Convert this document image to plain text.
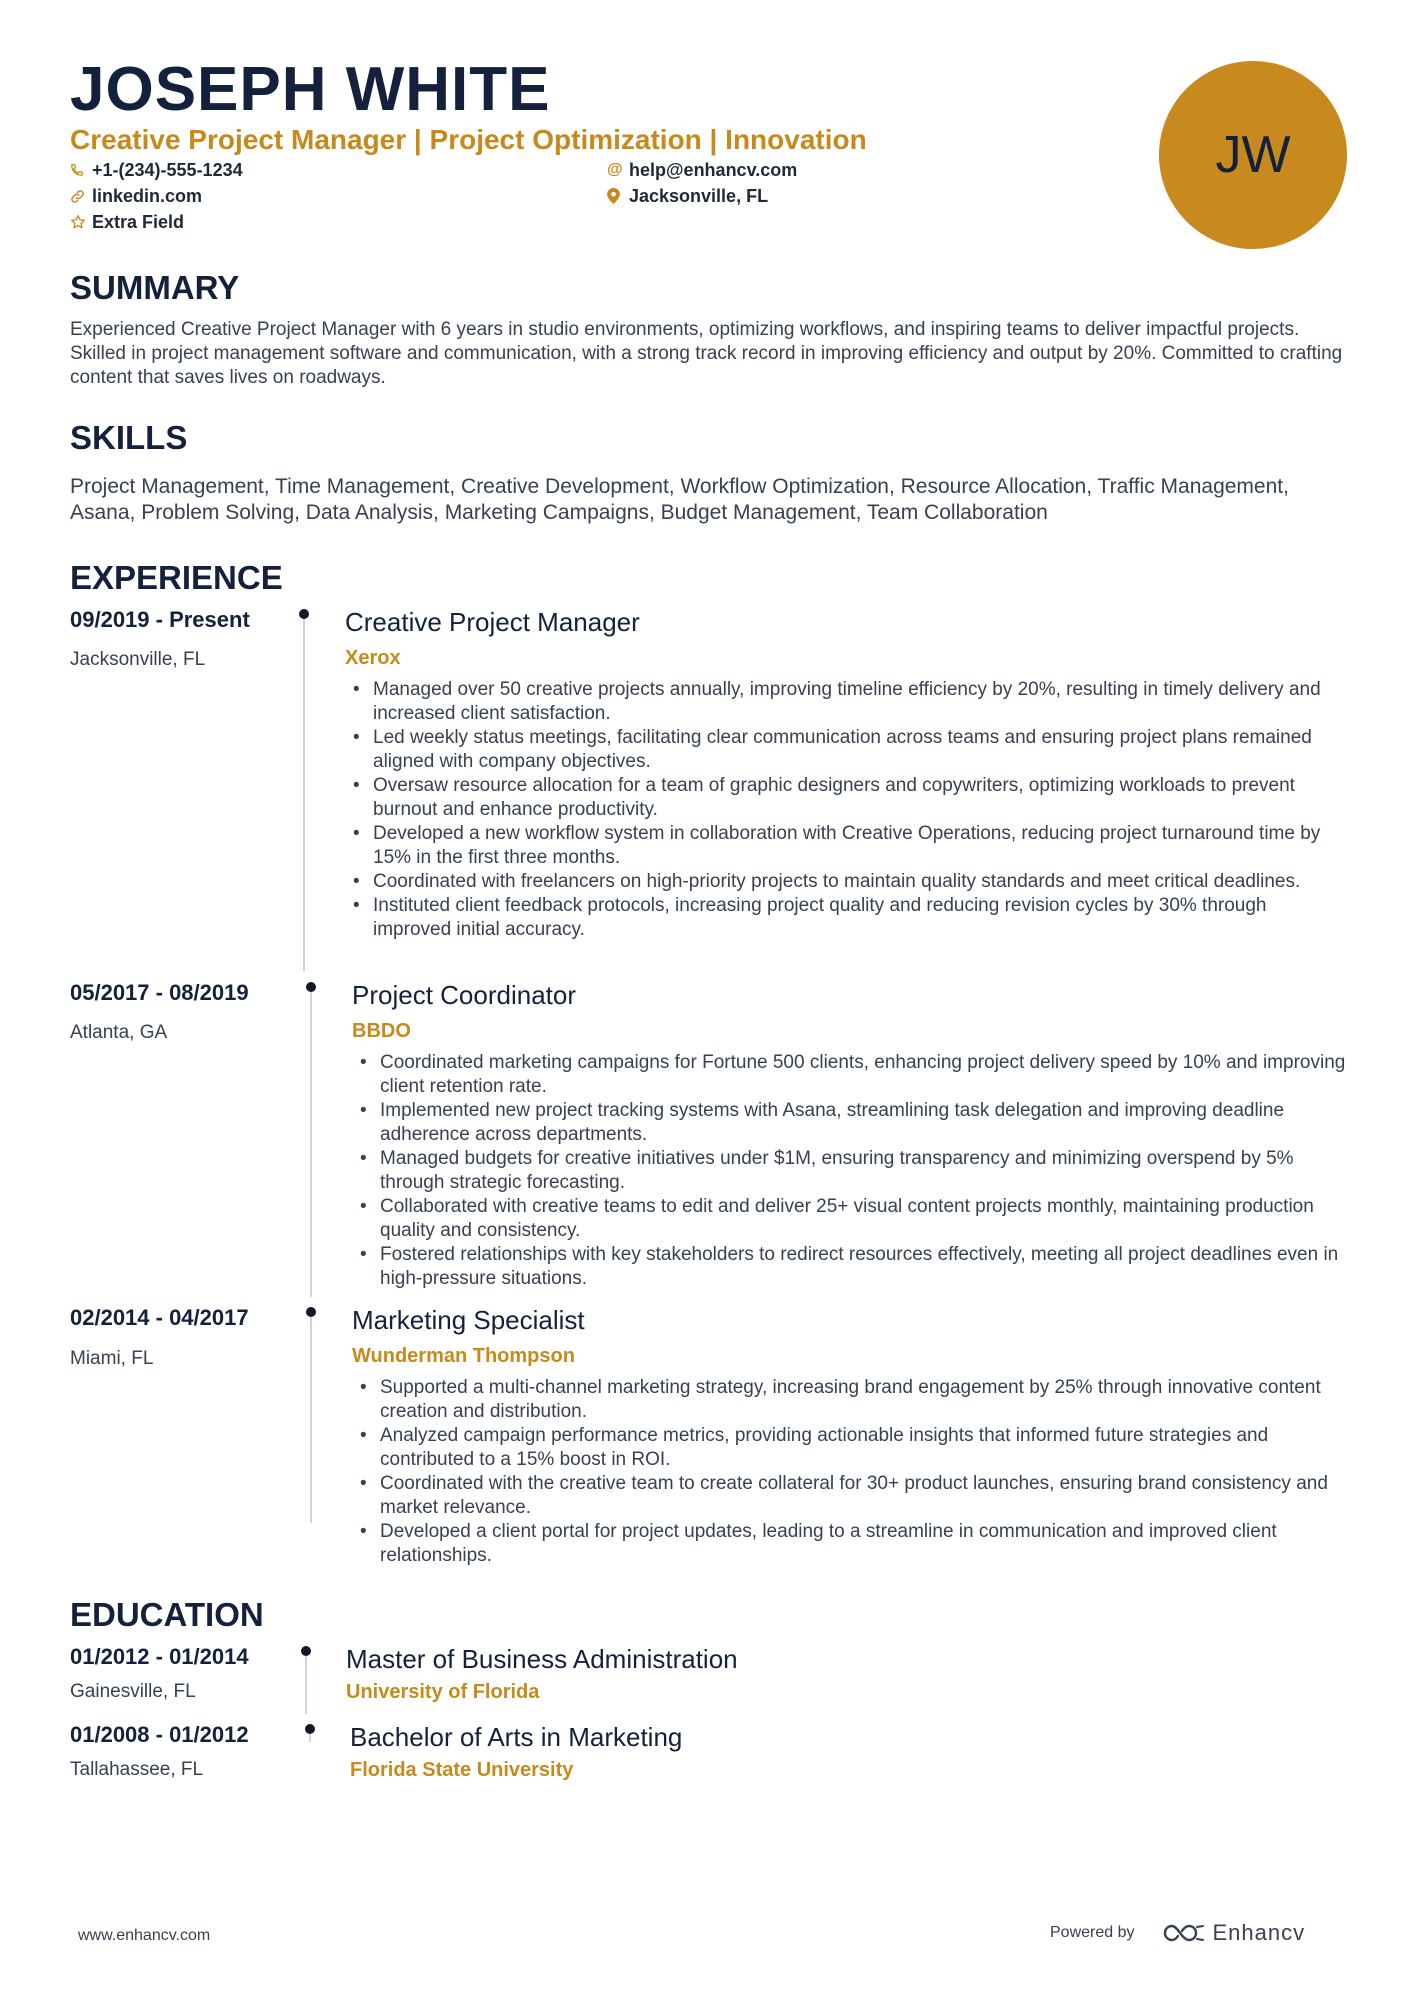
JOSEPH WHITE
Creative Project Manager | Project Optimization | Innovation
+1-(234)-555-1234	@ help@enhancv.com
linkedin.com	Jacksonville, FL
Extra Field
JW
SUMMARY
Experienced Creative Project Manager with 6 years in studio environments, optimizing workflows, and inspiring teams to deliver impactful projects. Skilled in project management software and communication, with a strong track record in improving efficiency and output by 20%. Committed to crafting content that saves lives on roadways.
SKILLS
Project Management, Time Management, Creative Development, Workflow Optimization, Resource Allocation, Traffic Management, Asana, Problem Solving, Data Analysis, Marketing Campaigns, Budget Management, Team Collaboration
EXPERIENCE
09/2019 - Present
Jacksonville, FL
Creative Project Manager
Xerox
• Managed over 50 creative projects annually, improving timeline efficiency by 20%, resulting in timely delivery and increased client satisfaction.
• Led weekly status meetings, facilitating clear communication across teams and ensuring project plans remained aligned with company objectives.
• Oversaw resource allocation for a team of graphic designers and copywriters, optimizing workloads to prevent burnout and enhance productivity.
• Developed a new workflow system in collaboration with Creative Operations, reducing project turnaround time by 15% in the first three months.
• Coordinated with freelancers on high-priority projects to maintain quality standards and meet critical deadlines.
• Instituted client feedback protocols, increasing project quality and reducing revision cycles by 30% through improved initial accuracy.
05/2017 - 08/2019
Atlanta, GA
Project Coordinator
BBDO
• Coordinated marketing campaigns for Fortune 500 clients, enhancing project delivery speed by 10% and improving client retention rate.
• Implemented new project tracking systems with Asana, streamlining task delegation and improving deadline adherence across departments.
• Managed budgets for creative initiatives under $1M, ensuring transparency and minimizing overspend by 5% through strategic forecasting.
• Collaborated with creative teams to edit and deliver 25+ visual content projects monthly, maintaining production quality and consistency.
• Fostered relationships with key stakeholders to redirect resources effectively, meeting all project deadlines even in high-pressure situations.
02/2014 - 04/2017
Miami, FL
Marketing Specialist
Wunderman Thompson
• Supported a multi-channel marketing strategy, increasing brand engagement by 25% through innovative content creation and distribution.
• Analyzed campaign performance metrics, providing actionable insights that informed future strategies and contributed to a 15% boost in ROI.
• Coordinated with the creative team to create collateral for 30+ product launches, ensuring brand consistency and market relevance.
• Developed a client portal for project updates, leading to a streamline in communication and improved client relationships.
EDUCATION
01/2012 - 01/2014
Gainesville, FL
Master of Business Administration
University of Florida
01/2008 - 01/2012
Tallahassee, FL
Bachelor of Arts in Marketing
Florida State University
www.enhancv.com	Powered by	Enhancv
